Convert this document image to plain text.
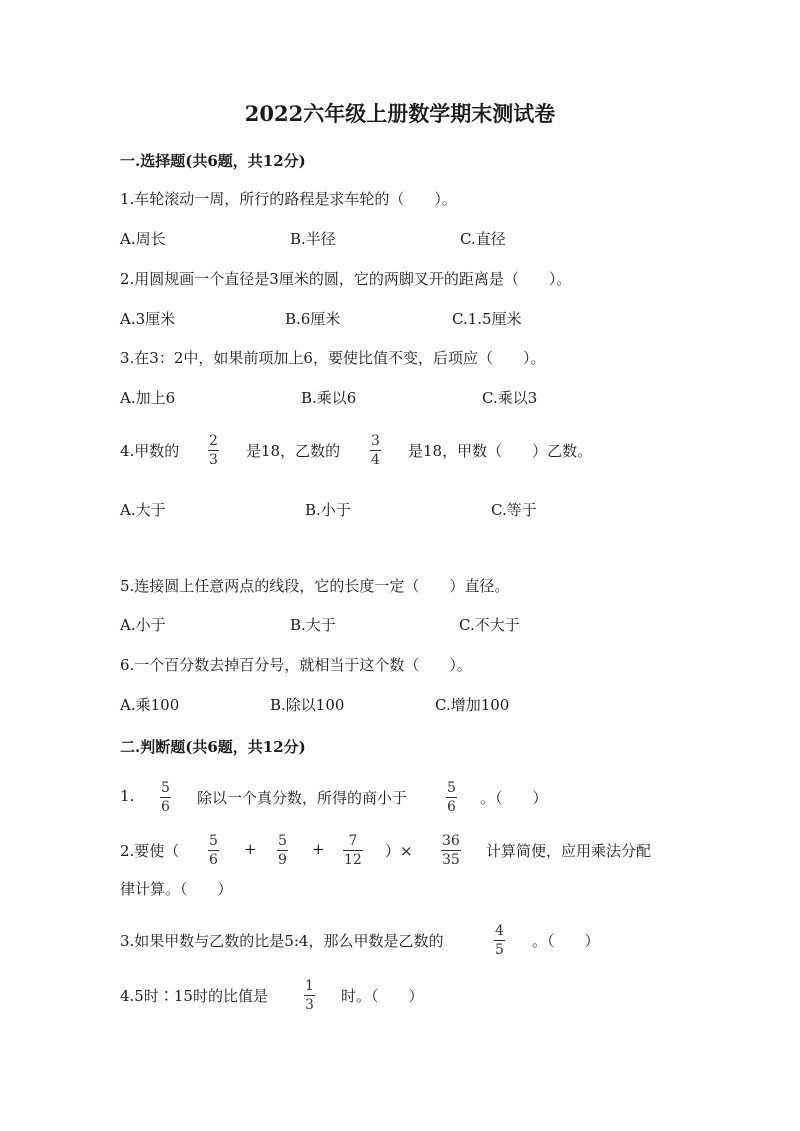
2022六年级上册数学期末测试卷
一.选择题(共6题，共12分)
1.车轮滚动一周，所行的路程是求车轮的（　　）。
A.周长	B.半径	C.直径
2.用圆规画一个直径是3厘米的圆，它的两脚叉开的距离是（　　）。
A.3厘米	B.6厘米	C.1.5厘米
3.在3：2中，如果前项加上6，要使比值不变，后项应（　　）。
A.加上6	B.乘以6	C.乘以3
4.甲数的
2
3 是18，乙数的
3
4 是18，甲数（　　）乙数。
A.大于	B.小于	C.等于
5.连接圆上任意两点的线段，它的长度一定（　　）直径。
A.小于	B.大于	C.不大于
6.一个百分数去掉百分号，就相当于这个数（　　）。
A.乘100	B.除以100	C.增加100
二.判断题(共6题，共12分)
1. 5
6 除以一个真分数，所得的商小于
5
6 。（　　）
2.要使（
5
6
+ 5
9
+ 7
12 ）×
36
35 计算简便，应用乘法分配
律计算。（　　）
3.如果甲数与乙数的比是5:4，那么甲数是乙数的
4
5 。（　　）
4.5时∶15时的比值是
1
3 时。（　　）
